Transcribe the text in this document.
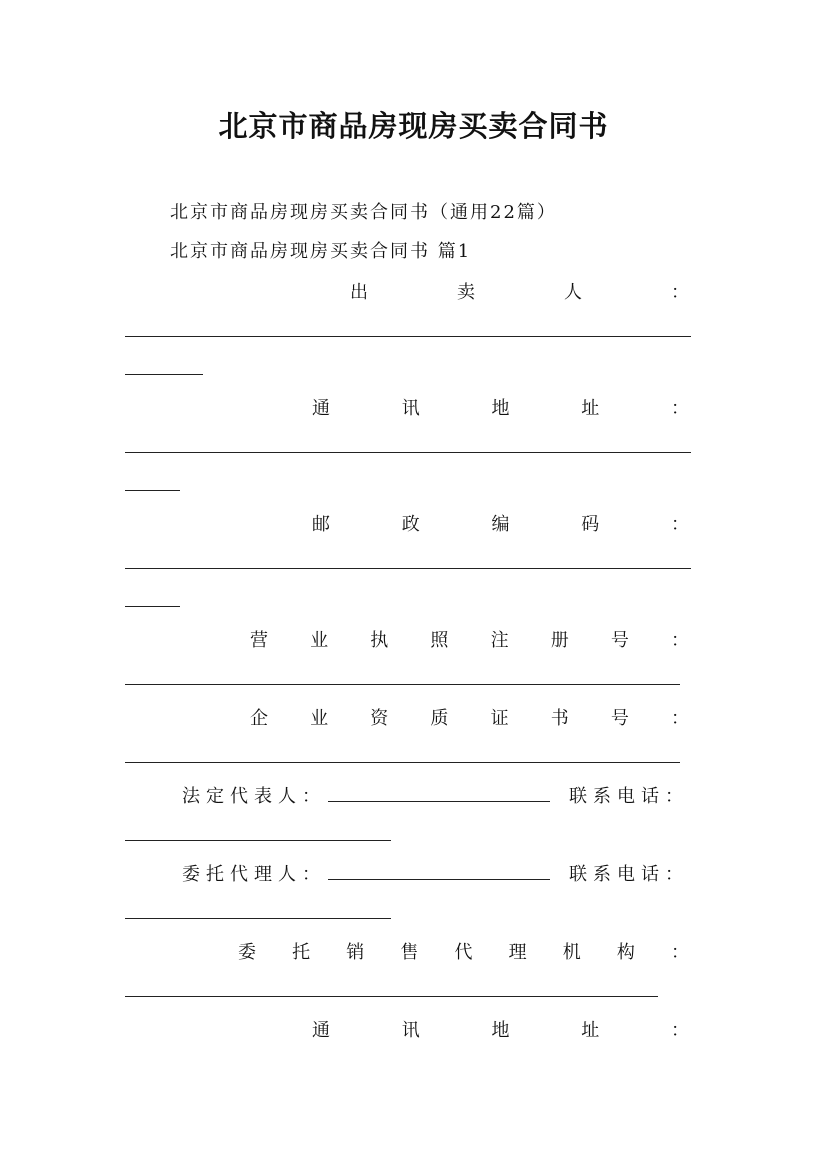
北京市商品房现房买卖合同书
北京市商品房现房买卖合同书（通用22篇）
北京市商品房现房买卖合同书 篇1
出	卖	人	：
通	讯	地	址	：
邮	政	编	码	：
营 业 执 照 注 册 号 ：
企 业 资 质 证 书 号 ：
法定代表人：	联系电话：
委托代理人：	联系电话：
委 托 销 售 代 理 机 构 ：
通	讯	地	址	：
